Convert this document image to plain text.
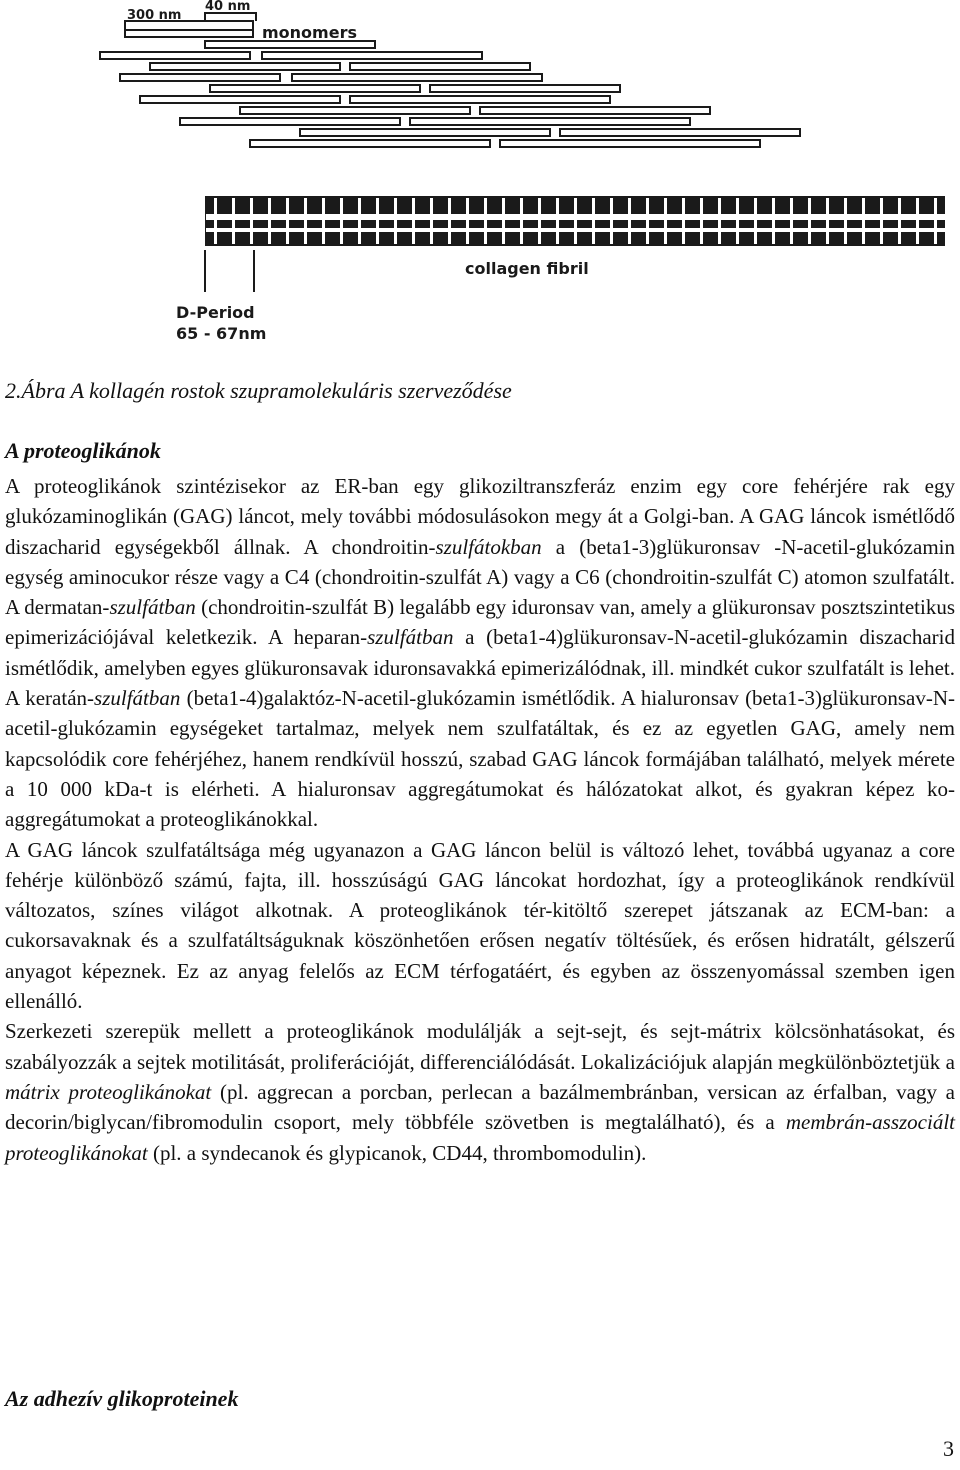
300 nm
40 nm
monomers
collagen fibril
D-Period
65 - 67nm

2.Ábra A kollagén rostok szupramolekuláris szerveződése

A proteoglikánok

A proteoglikánok szintézisekor az ER-ban egy glikoziltranszferáz enzim egy core fehérjére rak egy glukózaminoglikán (GAG) láncot, mely további módosulásokon megy át a Golgi-ban. A GAG láncok ismétlődő diszacharid egységekből állnak. A chondroitin-szulfátokban a (beta1-3)glükuronsav -N-acetil-glukózamin egység aminocukor része vagy a C4 (chondroitin-szulfát A) vagy a C6 (chondroitin-szulfát C) atomon szulfatált. A dermatan-szulfátban (chondroitin-szulfát B) legalább egy iduronsav van, amely a glükuronsav posztszintetikus epimerizációjával keletkezik. A heparan-szulfátban a (beta1-4)glükuronsav-N-acetil-glukózamin diszacharid ismétlődik, amelyben egyes glükuronsavak iduronsavakká epimerizálódnak, ill. mindkét cukor szulfatált is lehet. A keratán-szulfátban (beta1-4)galaktóz-N-acetil-glukózamin ismétlődik. A hialuronsav (beta1-3)glükuronsav-N-acetil-glukózamin egységeket tartalmaz, melyek nem szulfatáltak, és ez az egyetlen GAG, amely nem kapcsolódik core fehérjéhez, hanem rendkívül hosszú, szabad GAG láncok formájában található, melyek mérete a 10 000 kDa-t is elérheti. A hialuronsav aggregátumokat és hálózatokat alkot, és gyakran képez ko-aggregátumokat a proteoglikánokkal.

A GAG láncok szulfatáltsága még ugyanazon a GAG láncon belül is változó lehet, továbbá ugyanaz a core fehérje különböző számú, fajta, ill. hosszúságú GAG láncokat hordozhat, így a proteoglikánok rendkívül változatos, színes világot alkotnak. A proteoglikánok tér-kitöltő szerepet játszanak az ECM-ban: a cukorsavaknak és a szulfatáltságuknak köszönhetően erősen negatív töltésűek, és erősen hidratált, gélszerű anyagot képeznek. Ez az anyag felelős az ECM térfogatáért, és egyben az összenyomással szemben igen ellenálló.

Szerkezeti szerepük mellett a proteoglikánok modulálják a sejt-sejt, és sejt-mátrix kölcsönhatásokat, és szabályozzák a sejtek motilitását, proliferációját, differenciálódását. Lokalizációjuk alapján megkülönböztetjük a mátrix proteoglikánokat (pl. aggrecan a porcban, perlecan a bazálmembránban, versican az érfalban, vagy a decorin/biglycan/fibromodulin csoport, mely többféle szövetben is megtalálható), és a membrán-asszociált proteoglikánokat (pl. a syndecanok és glypicanok, CD44, thrombomodulin).

Az adhezív glikoproteinek
3
